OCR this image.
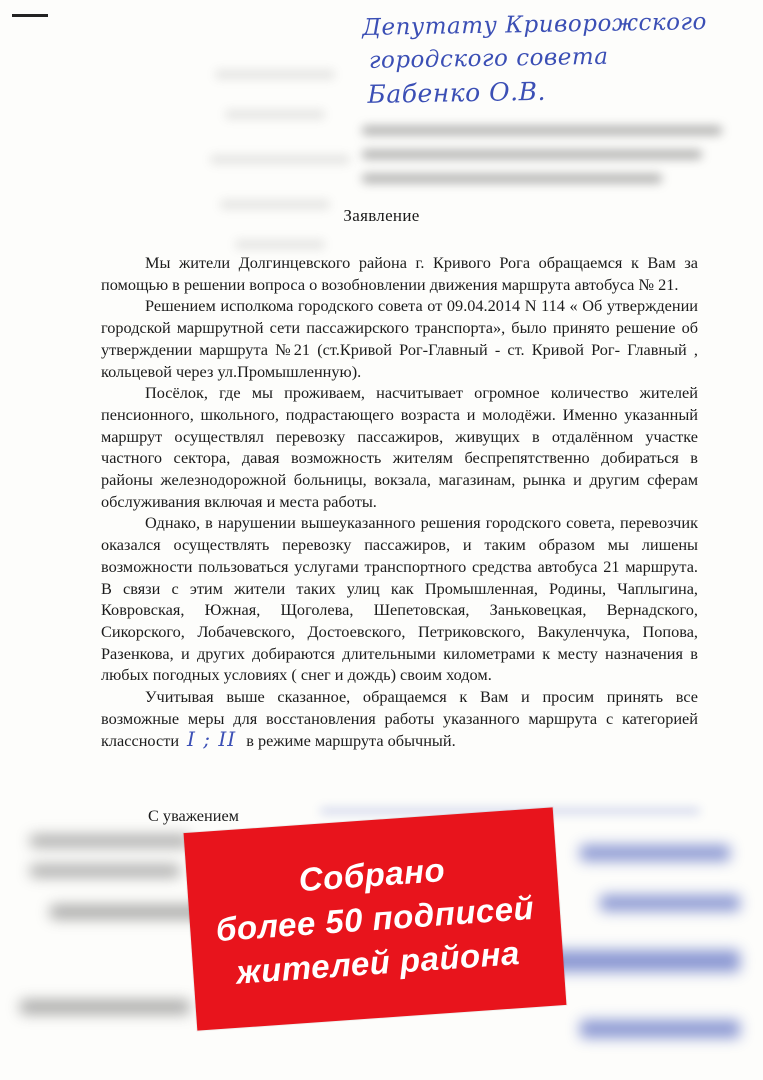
Депутату Криворожского
городского совета
Бабенко О.В.
Заявление

Мы жители Долгинцевского района г. Кривого Рога обращаемся к Вам за помощью в решении вопроса о возобновлении движения маршрута автобуса № 21.

Решением исполкома городского совета от 09.04.2014 N 114 « Об утверждении городской маршрутной сети пассажирского транспорта», было принято решение об утверждении маршрута №21 (ст.Кривой Рог-Главный - ст. Кривой Рог- Главный , кольцевой через ул.Промышленную).

Посёлок, где мы проживаем, насчитывает огромное количество жителей пенсионного, школьного, подрастающего возраста и молодёжи. Именно указанный маршрут осуществлял перевозку пассажиров, живущих в отдалённом участке частного сектора, давая возможность жителям беспрепятственно добираться в районы железнодорожной больницы, вокзала, магазинам, рынка и другим сферам обслуживания включая и места работы.

Однако, в нарушении вышеуказанного решения городского совета, перевозчик оказался осуществлять перевозку пассажиров, и таким образом мы лишены возможности пользоваться услугами транспортного средства автобуса 21 маршрута. В связи с этим жители таких улиц как Промышленная, Родины, Чаплыгина, Ковровская, Южная, Щоголева, Шепетовская, Заньковецкая, Вернадского, Сикорского, Лобачевского, Достоевского, Петриковского, Вакуленчука, Попова, Разенкова, и других добираются длительными километрами к месту назначения в любых погодных условиях ( снег и дождь) своим ходом.

Учитывая выше сказанное, обращаемся к Вам и просим принять все возможные меры для восстановления работы указанного маршрута с категорией классности I ; II в режиме маршрута обычный.

С уважением
Собрано
более 50 подписей
жителей района
